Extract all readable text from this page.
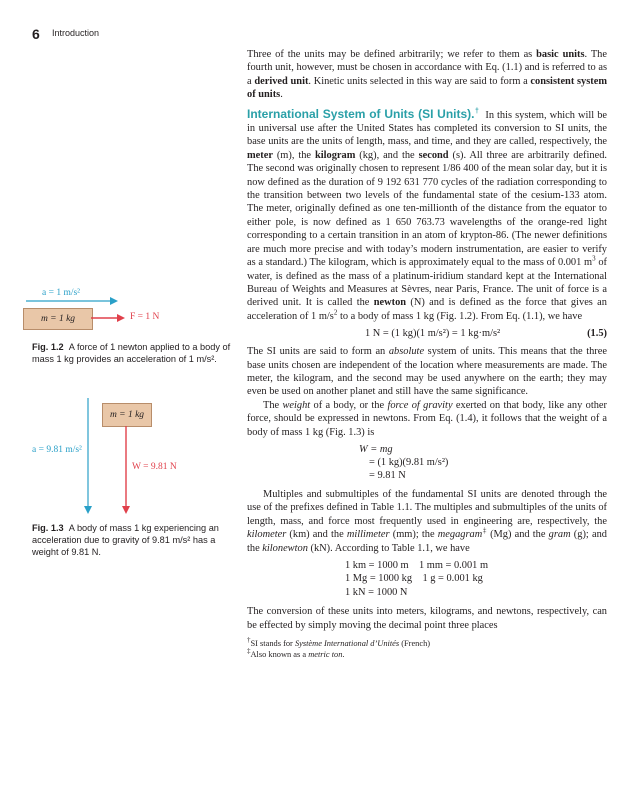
6 Introduction

Three of the units may be defined arbitrarily; we refer to them as basic units. The fourth unit, however, must be chosen in accordance with Eq. (1.1) and is referred to as a derived unit. Kinetic units selected in this way are said to form a consistent system of units.

International System of Units (SI Units).† In this system, which will be in universal use after the United States has completed its conversion to SI units, the base units are the units of length, mass, and time, and they are called, respectively, the meter (m), the kilogram (kg), and the second (s). All three are arbitrarily defined. The second was originally chosen to represent 1/86 400 of the mean solar day, but it is now defined as the duration of 9 192 631 770 cycles of the radiation corresponding to the transition between two levels of the fundamental state of the cesium-133 atom. The meter, originally defined as one ten-millionth of the distance from the equator to either pole, is now defined as 1 650 763.73 wavelengths of the orange-red light corresponding to a certain transition in an atom of krypton-86. (The newer definitions are much more precise and with today’s modern instrumentation, are easier to verify as a standard.) The kilogram, which is approximately equal to the mass of 0.001 $m^3$ of water, is defined as the mass of a platinum-iridium standard kept at the International Bureau of Weights and Measures at Sèvres, near Paris, France. The unit of force is a derived unit. It is called the newton (N) and is defined as the force that gives an acceleration of 1 $m/s^2$ to a body of mass 1 kg (Fig. 1.2). From Eq. (1.1), we have

1 N = (1 kg)(1 m/s²) = 1 kg·m/s²	(1.5)

The SI units are said to form an absolute system of units. This means that the three base units chosen are independent of the location where measurements are made. The meter, the kilogram, and the second may be used anywhere on the earth; they may even be used on another planet and still have the same significance.

The weight of a body, or the force of gravity exerted on that body, like any other force, should be expressed in newtons. From Eq. (1.4), it follows that the weight of a body of mass 1 kg (Fig. 1.3) is

W = mg
= (1 kg)(9.81 m/s²)
= 9.81 N

Multiples and submultiples of the fundamental SI units are denoted through the use of the prefixes defined in Table 1.1. The multiples and submultiples of the units of length, mass, and force most frequently used in engineering are, respectively, the kilometer (km) and the millimeter (mm); the megagram‡ (Mg) and the gram (g); and the kilonewton (kN). According to Table 1.1, we have

1 km = 1000 m    1 mm = 0.001 m
1 Mg = 1000 kg    1 g = 0.001 kg
1 kN = 1000 N

The conversion of these units into meters, kilograms, and newtons, respectively, can be effected by simply moving the decimal point three places

†SI stands for Système International d’Unités (French)
‡Also known as a metric ton.
a = 1 m/s²
m = 1 kg	F = 1 N
Fig. 1.2 A force of 1 newton applied to a body of mass 1 kg provides an acceleration of 1 m/s².
m = 1 kg
a = 9.81 m/s²
W = 9.81 N
Fig. 1.3 A body of mass 1 kg experiencing an acceleration due to gravity of 9.81 m/s² has a weight of 9.81 N.
